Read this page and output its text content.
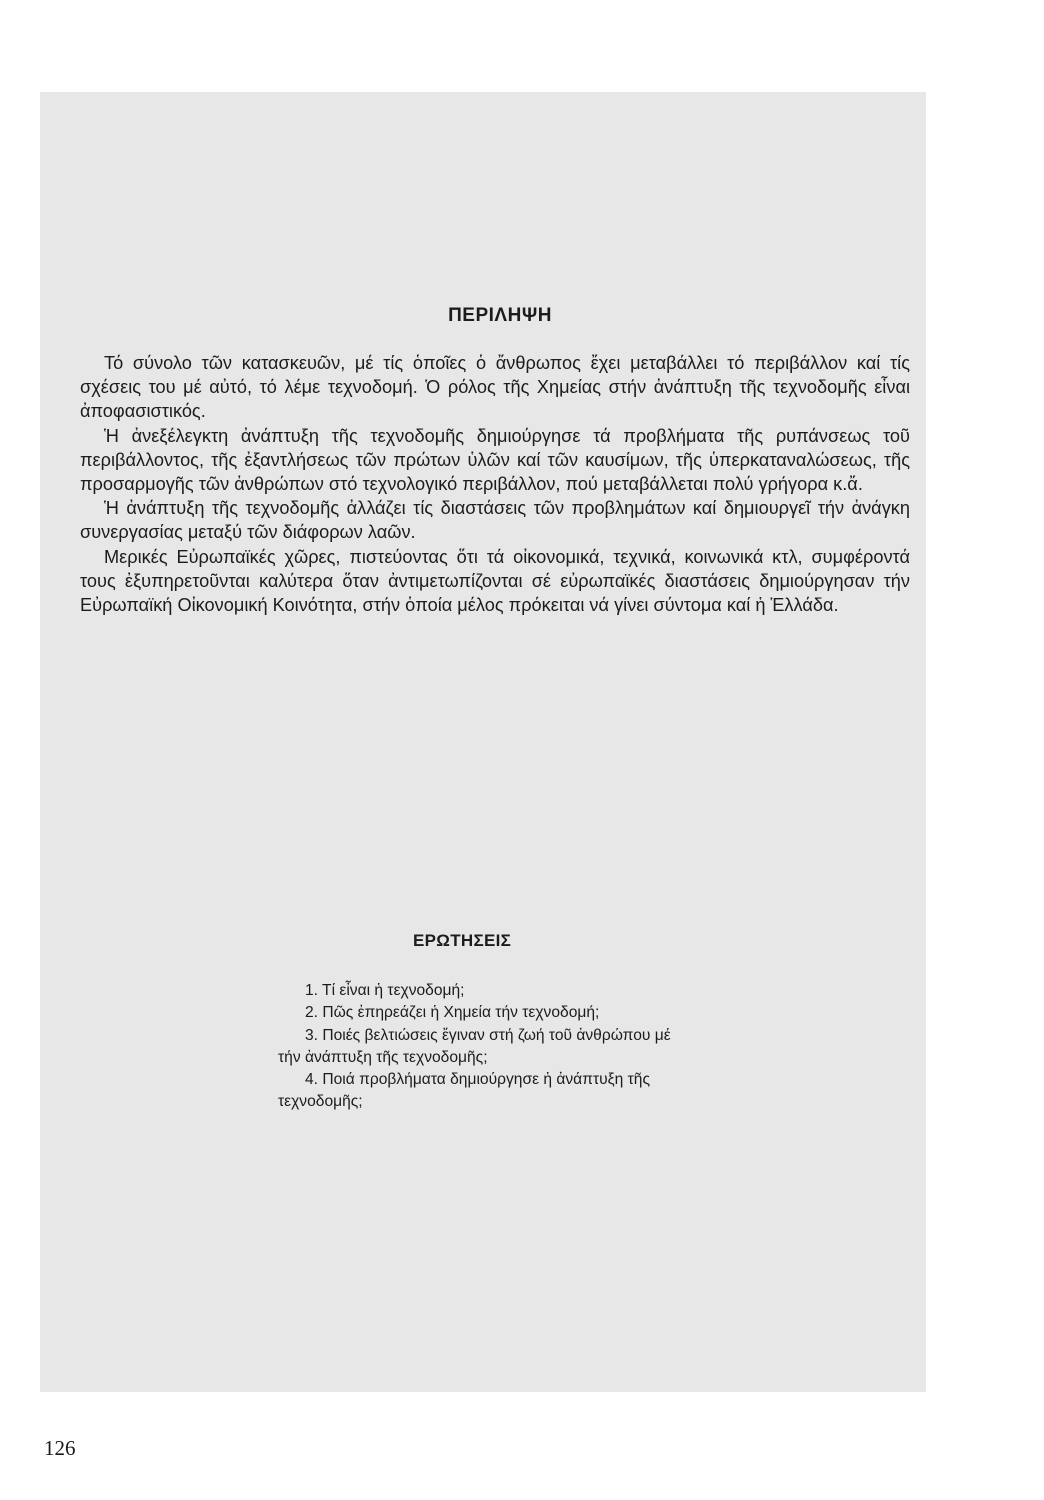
ΠΕΡΙΛΗΨΗ

Τό σύνολο τῶν κατασκευῶν, μέ τίς ὁποῖες ὁ ἄνθρωπος ἔχει μεταβάλλει τό περιβάλλον καί τίς σχέσεις του μέ αὐτό, τό λέμε τεχνοδομή. Ὁ ρόλος τῆς Χημείας στήν ἀνάπτυξη τῆς τεχνοδομῆς εἶναι ἀποφασιστικός.

Ἡ ἀνεξέλεγκτη ἀνάπτυξη τῆς τεχνοδομῆς δημιούργησε τά προβλήματα τῆς ρυπάνσεως τοῦ περιβάλλοντος, τῆς ἐξαντλήσεως τῶν πρώτων ὑλῶν καί τῶν καυσίμων, τῆς ὑπερκαταναλώσεως, τῆς προσαρμογῆς τῶν ἀνθρώπων στό τεχνολογικό περιβάλλον, πού μεταβάλλεται πολύ γρήγορα κ.ἄ.

Ἡ ἀνάπτυξη τῆς τεχνοδομῆς ἀλλάζει τίς διαστάσεις τῶν προβλημάτων καί δημιουργεῖ τήν ἀνάγκη συνεργασίας μεταξύ τῶν διάφορων λαῶν.

Μερικές Εὐρωπαϊκές χῶρες, πιστεύοντας ὅτι τά οἰκονομικά, τεχνικά, κοινωνικά κτλ, συμφέροντά τους ἐξυπηρετοῦνται καλύτερα ὅταν ἀντιμετωπίζονται σέ εὐρωπαϊκές διαστάσεις δημιούργησαν τήν Εὐρωπαϊκή Οἰκονομική Κοινότητα, στήν ὁποία μέλος πρόκειται νά γίνει σύντομα καί ἡ Ἑλλάδα.

ΕΡΩΤΗΣΕΙΣ

1. Τί εἶναι ἡ τεχνοδομή;

2. Πῶς ἐπηρεάζει ἡ Χημεία τήν τεχνοδομή;

3. Ποιές βελτιώσεις ἔγιναν στή ζωή τοῦ ἀνθρώπου μέ τήν ἀνάπτυξη τῆς τεχνοδομῆς;

4. Ποιά προβλήματα δημιούργησε ἡ ἀνάπτυξη τῆς τεχνοδομῆς;

126
